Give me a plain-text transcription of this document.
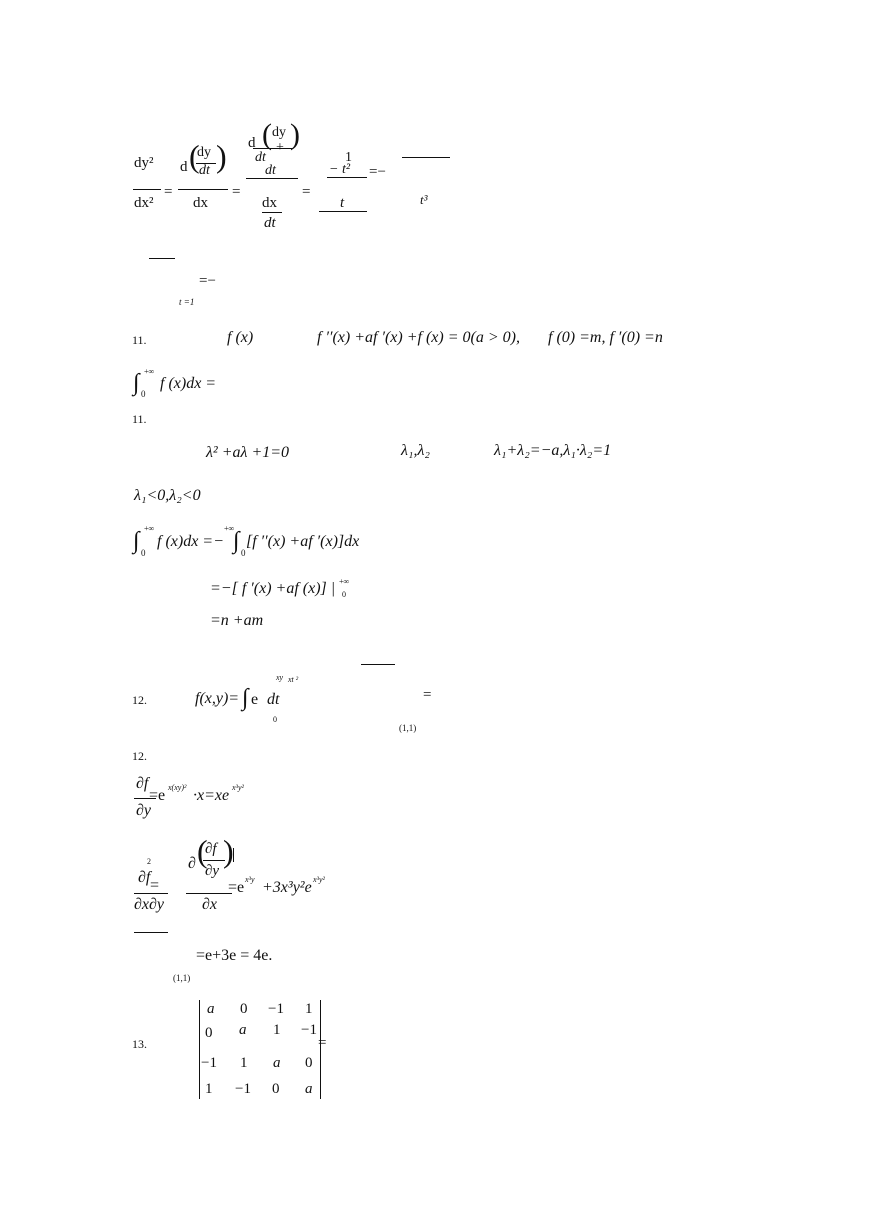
dy²
dx²
=
d (
dy
dt )
dx
=
d ( dy )
dt
+
dt
dx
dt
=
1
− t² =−
t	t³
=−
t =1
11.	f (x)	f ′′(x) +af ′(x) +f (x) = 0(a > 0), f (0) =m, f ′(0) =n
∫ +∞
0
f (x)dx =
11.
λ² +aλ +1=0	λ₁,λ₂	λ₁+λ₂=−a,λ₁·λ₂=1
λ₁<0,λ₂<0
∫ +∞
0
f (x)dx =− ∫
+∞
0
[f ′′(x) +af ′(x)]dx
=−[ f ′(x) +af (x)] | +∞
0
=n +am
xy xt ²
12.	f(x,y)= ∫ e dt
0
=
(1,1)
12.
∂f
∂y
=e x(xy)² ·x=xe x³y²
2
∂f =
∂x∂y
∂ (
∂f
∂y
)
∂x
=e x³y +3x³y²e x³y²
=e+3e = 4e.
(1,1)
13.
a 0 −1 1
0 a 1 −1
−1 1 a 0
1 −1 0 a
=
